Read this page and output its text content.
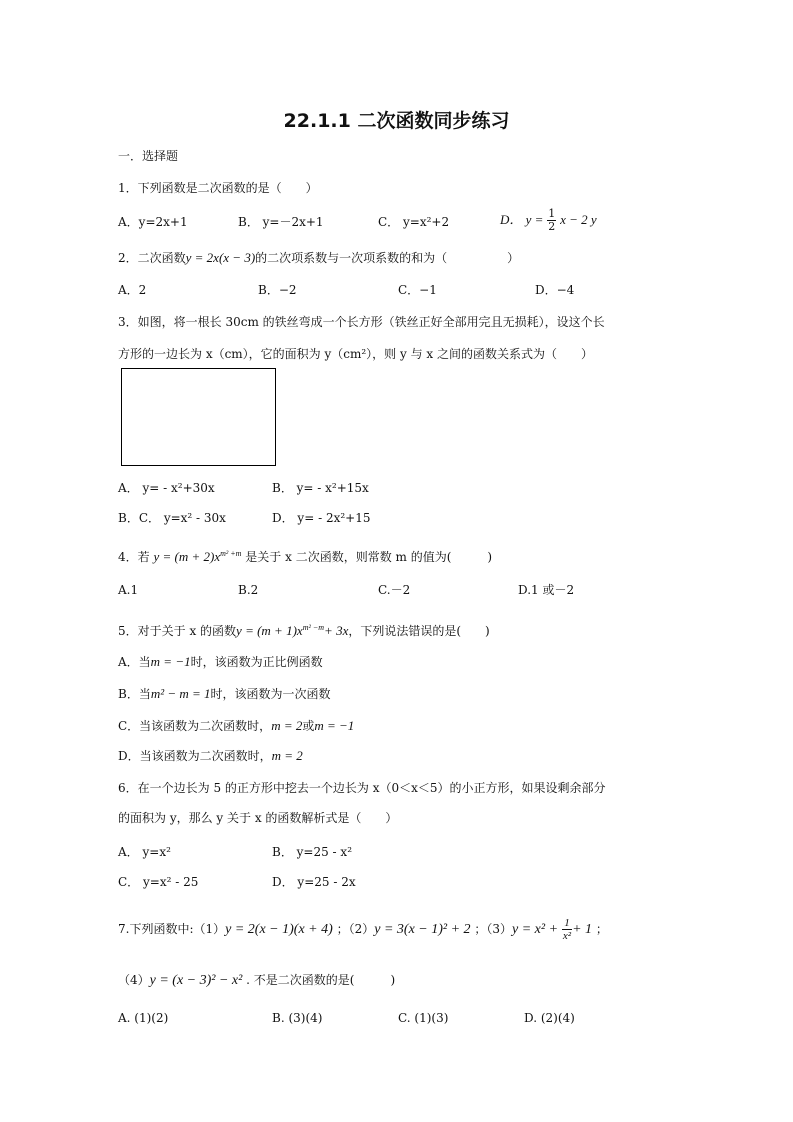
22.1.1 二次函数同步练习
一．选择题
1．下列函数是二次函数的是（　　）
A．y=2x+1	B． y=－2x+1	C． y=x²+2	D． $y = \frac{1}{2}$ x − 2 y
2．二次函数y = 2x(x − 3)的二次项系数与一次项系数的和为（　　　　　）
A．2	B．−2	C．−1	D．−4
3．如图，将一根长 30cm 的铁丝弯成一个长方形（铁丝正好全部用完且无损耗），设这个长
方形的一边长为 x（cm），它的面积为 y（cm²），则 y 与 x 之间的函数关系式为（　　）
A． y= - x²+30x	B． y= - x²+15x
B．C． y=x² - 30x	D． y= - 2x²+15
4．若 $y = (m + 2)x^{m^2 +m}$ 是关于 x 二次函数，则常数 m 的值为(　　　)
A.1	B.2	C.－2	D.1 或－2
5．对于关于 x 的函数$y = (m + 1)x^{m^2 -m}+ 3x$，下列说法错误的是(　　)
A．当m = −1时，该函数为正比例函数
B．当m² − m = 1时，该函数为一次函数
C．当该函数为二次函数时，m = 2或m = −1
D．当该函数为二次函数时，m = 2
6．在一个边长为 5 的正方形中挖去一个边长为 x（0＜x＜5）的小正方形，如果设剩余部分
的面积为 y，那么 y 关于 x 的函数解析式是（　　）
A． y=x²	B． y=25 - x²
C． y=x² - 25	D． y=25 - 2x
7.下列函数中:（1）y = 2(x − 1)(x + 4) ；（2）y = 3(x − 1)² + 2 ；$(3)y = x^2 + \frac{1}{\text{x²}} + 1$ ；
（4）y = (x − 3)² − x² . 不是二次函数的是(　　　)
A. (1)(2)	B. (3)(4)	C. (1)(3)	D. (2)(4)
